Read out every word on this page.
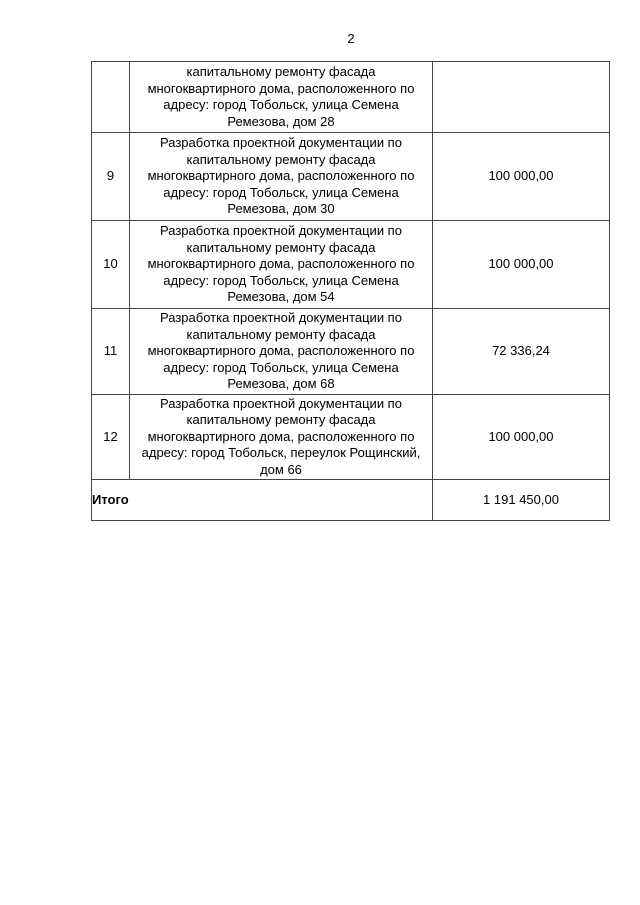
2

	капитальному ремонту фасада многоквартирного дома, расположенного по адресу: город Тобольск, улица Семена Ремезова, дом 28	

9	Разработка проектной документации по капитальному ремонту фасада многоквартирного дома, расположенного по адресу: город Тобольск, улица Семена Ремезова, дом 30	100 000,00

10	Разработка проектной документации по капитальному ремонту фасада многоквартирного дома, расположенного по адресу: город Тобольск, улица Семена Ремезова, дом 54	100 000,00

11	Разработка проектной документации по капитальному ремонту фасада многоквартирного дома, расположенного по адресу: город Тобольск, улица Семена Ремезова, дом 68	72 336,24

12	Разработка проектной документации по капитальному ремонту фасада многоквартирного дома, расположенного по адресу: город Тобольск, переулок Рощинский, дом 66	100 000,00

Итого		1 191 450,00
